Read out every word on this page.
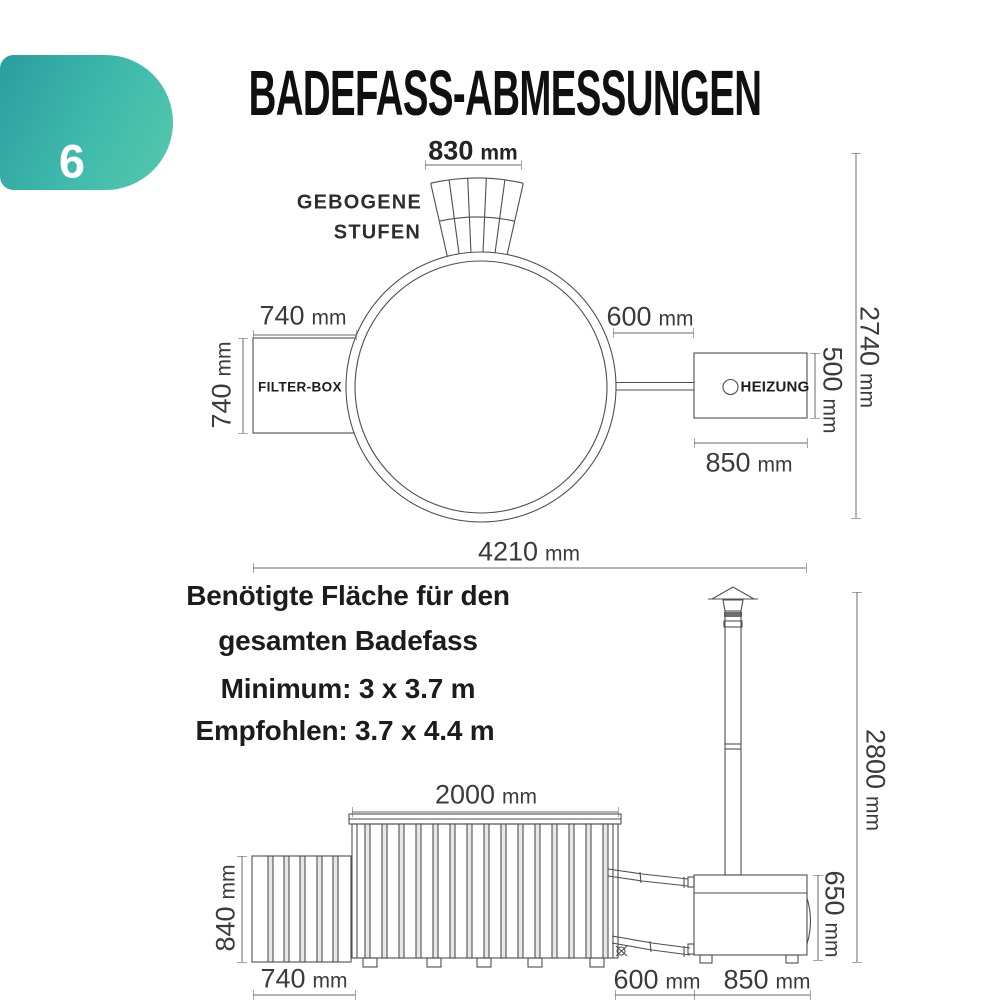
6
Personen
BADEFASS-ABMESSUNGEN
830 mm
GEBOGENE
STUFEN
740 mm
740mm
FILTER-BOX
600 mm
HEIZUNG 500mm
850 mm
2740mm
4210 mm
Benötigte Fläche für den
gesamten Badefass
Minimum: 3 x 3.7 m
Empfohlen: 3.7 x 4.4 m
2000 mm
840mm
740 mm	600 mm 850 mm
650mm
2800mm
